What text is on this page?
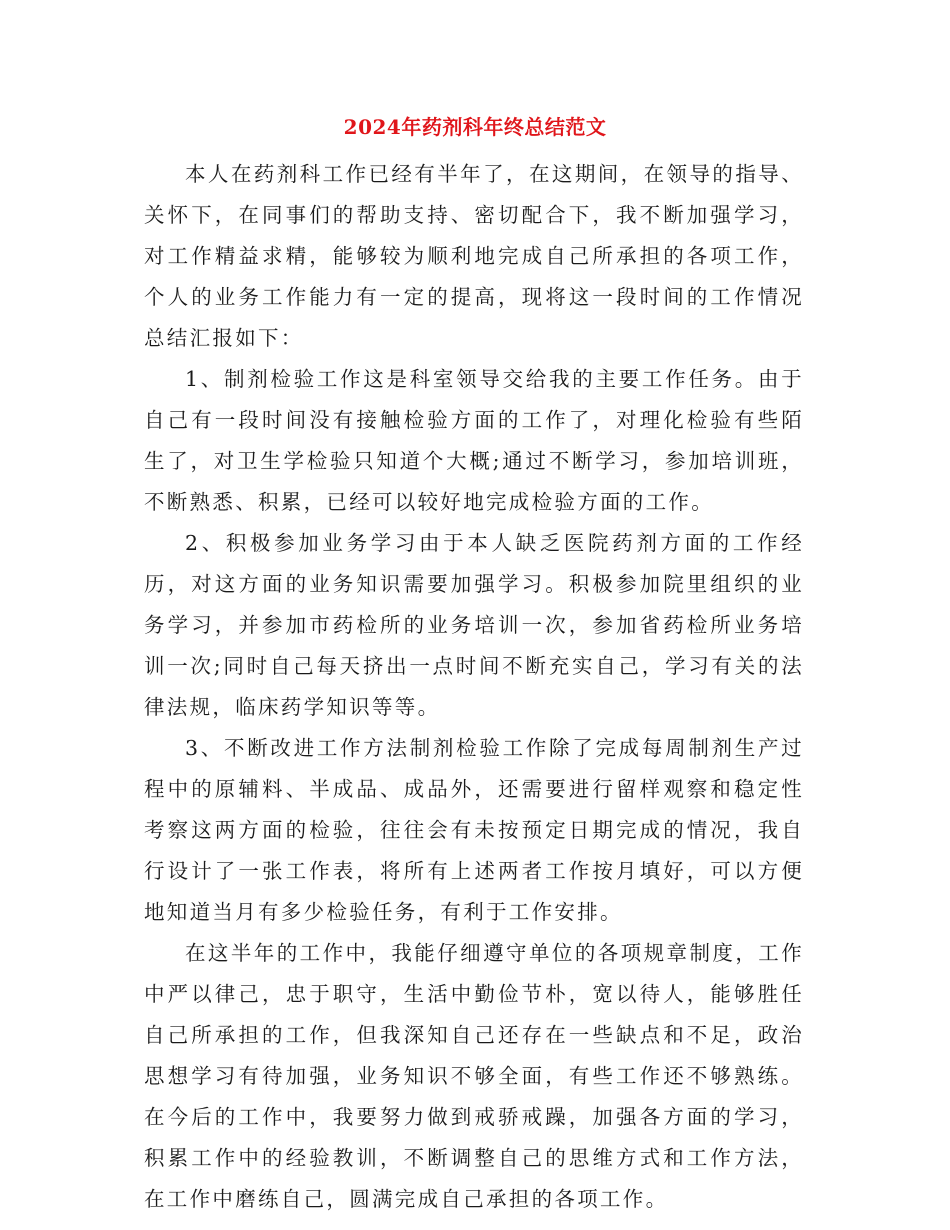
2024年药剂科年终总结范文

本人在药剂科工作已经有半年了，在这期间，在领导的指导、关怀下，在同事们的帮助支持、密切配合下，我不断加强学习，对工作精益求精，能够较为顺利地完成自己所承担的各项工作，个人的业务工作能力有一定的提高，现将这一段时间的工作情况总结汇报如下：

1、制剂检验工作这是科室领导交给我的主要工作任务。由于自己有一段时间没有接触检验方面的工作了，对理化检验有些陌生了，对卫生学检验只知道个大概;通过不断学习，参加培训班，不断熟悉、积累，已经可以较好地完成检验方面的工作。

2、积极参加业务学习由于本人缺乏医院药剂方面的工作经历，对这方面的业务知识需要加强学习。积极参加院里组织的业务学习，并参加市药检所的业务培训一次，参加省药检所业务培训一次;同时自己每天挤出一点时间不断充实自己，学习有关的法律法规，临床药学知识等等。

3、不断改进工作方法制剂检验工作除了完成每周制剂生产过程中的原辅料、半成品、成品外，还需要进行留样观察和稳定性考察这两方面的检验，往往会有未按预定日期完成的情况，我自行设计了一张工作表，将所有上述两者工作按月填好，可以方便地知道当月有多少检验任务，有利于工作安排。

在这半年的工作中，我能仔细遵守单位的各项规章制度，工作中严以律己，忠于职守，生活中勤俭节朴，宽以待人，能够胜任自己所承担的工作，但我深知自己还存在一些缺点和不足，政治思想学习有待加强，业务知识不够全面，有些工作还不够熟练。在今后的工作中，我要努力做到戒骄戒躁，加强各方面的学习，积累工作中的经验教训，不断调整自己的思维方式和工作方法，在工作中磨练自己，圆满完成自己承担的各项工作。
